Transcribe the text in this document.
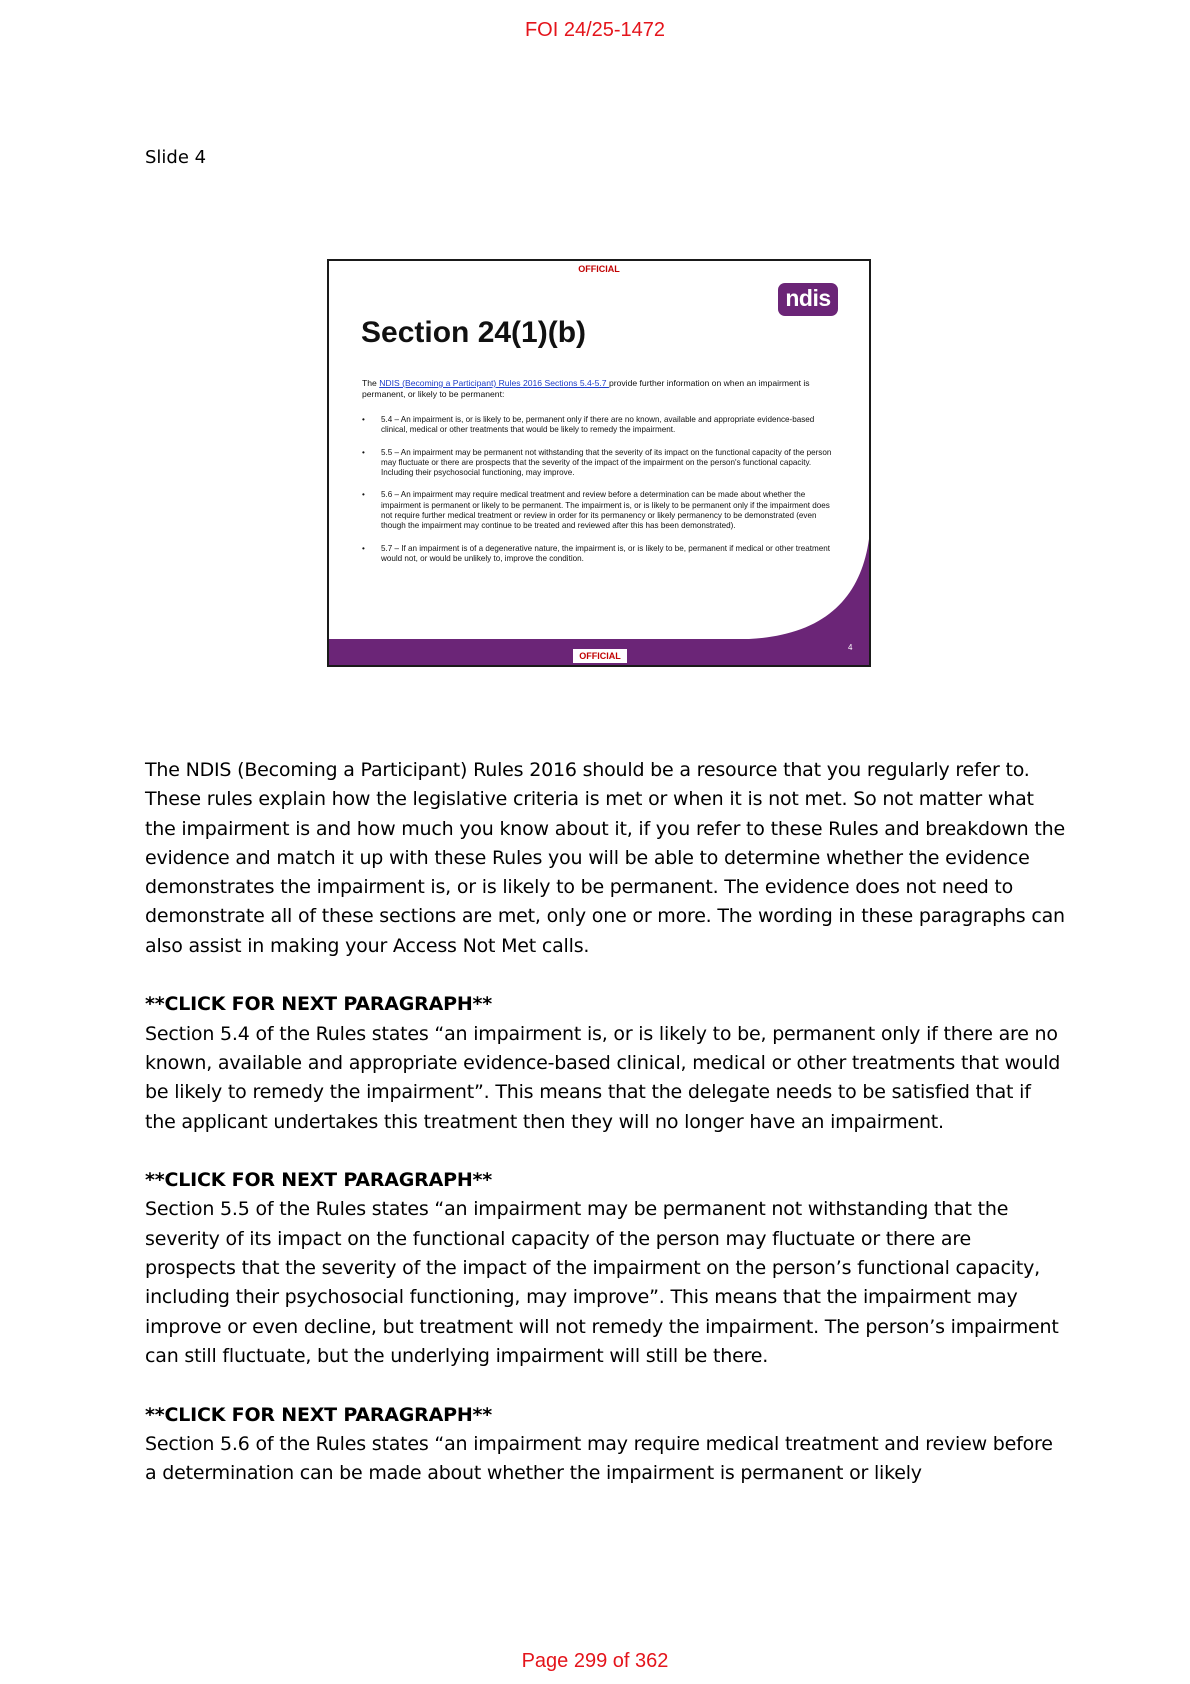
FOI 24/25-1472
Slide 4
OFFICIAL
ndis
Section 24(1)(b)
The NDIS (Becoming a Participant) Rules 2016 Sections 5.4-5.7 provide further information on when an impairment is permanent, or likely to be permanent:
• 5.4 – An impairment is, or is likely to be, permanent only if there are no known, available and appropriate evidence-based clinical, medical or other treatments that would be likely to remedy the impairment.
• 5.5 – An impairment may be permanent not withstanding that the severity of its impact on the functional capacity of the person may fluctuate or there are prospects that the severity of the impact of the impairment on the person's functional capacity. Including their psychosocial functioning, may improve.
• 5.6 – An impairment may require medical treatment and review before a determination can be made about whether the impairment is permanent or likely to be permanent. The impairment is, or is likely to be permanent only if the impairment does not require further medical treatment or review in order for its permanency or likely permanency to be demonstrated (even though the impairment may continue to be treated and reviewed after this has been demonstrated).
• 5.7 – If an impairment is of a degenerative nature, the impairment is, or is likely to be, permanent if medical or other treatment would not, or would be unlikely to, improve the condition.
OFFICIAL
4

The NDIS (Becoming a Participant) Rules 2016 should be a resource that you regularly refer to. These rules explain how the legislative criteria is met or when it is not met. So not matter what the impairment is and how much you know about it, if you refer to these Rules and breakdown the evidence and match it up with these Rules you will be able to determine whether the evidence demonstrates the impairment is, or is likely to be permanent. The evidence does not need to demonstrate all of these sections are met, only one or more. The wording in these paragraphs can also assist in making your Access Not Met calls.

**CLICK FOR NEXT PARAGRAPH**
Section 5.4 of the Rules states “an impairment is, or is likely to be, permanent only if there are no known, available and appropriate evidence-based clinical, medical or other treatments that would be likely to remedy the impairment”. This means that the delegate needs to be satisfied that if the applicant undertakes this treatment then they will no longer have an impairment.

**CLICK FOR NEXT PARAGRAPH**
Section 5.5 of the Rules states “an impairment may be permanent not withstanding that the severity of its impact on the functional capacity of the person may fluctuate or there are prospects that the severity of the impact of the impairment on the person’s functional capacity, including their psychosocial functioning, may improve”. This means that the impairment may improve or even decline, but treatment will not remedy the impairment. The person’s impairment can still fluctuate, but the underlying impairment will still be there.

**CLICK FOR NEXT PARAGRAPH**
Section 5.6 of the Rules states “an impairment may require medical treatment and review before a determination can be made about whether the impairment is permanent or likely

Page 299 of 362
